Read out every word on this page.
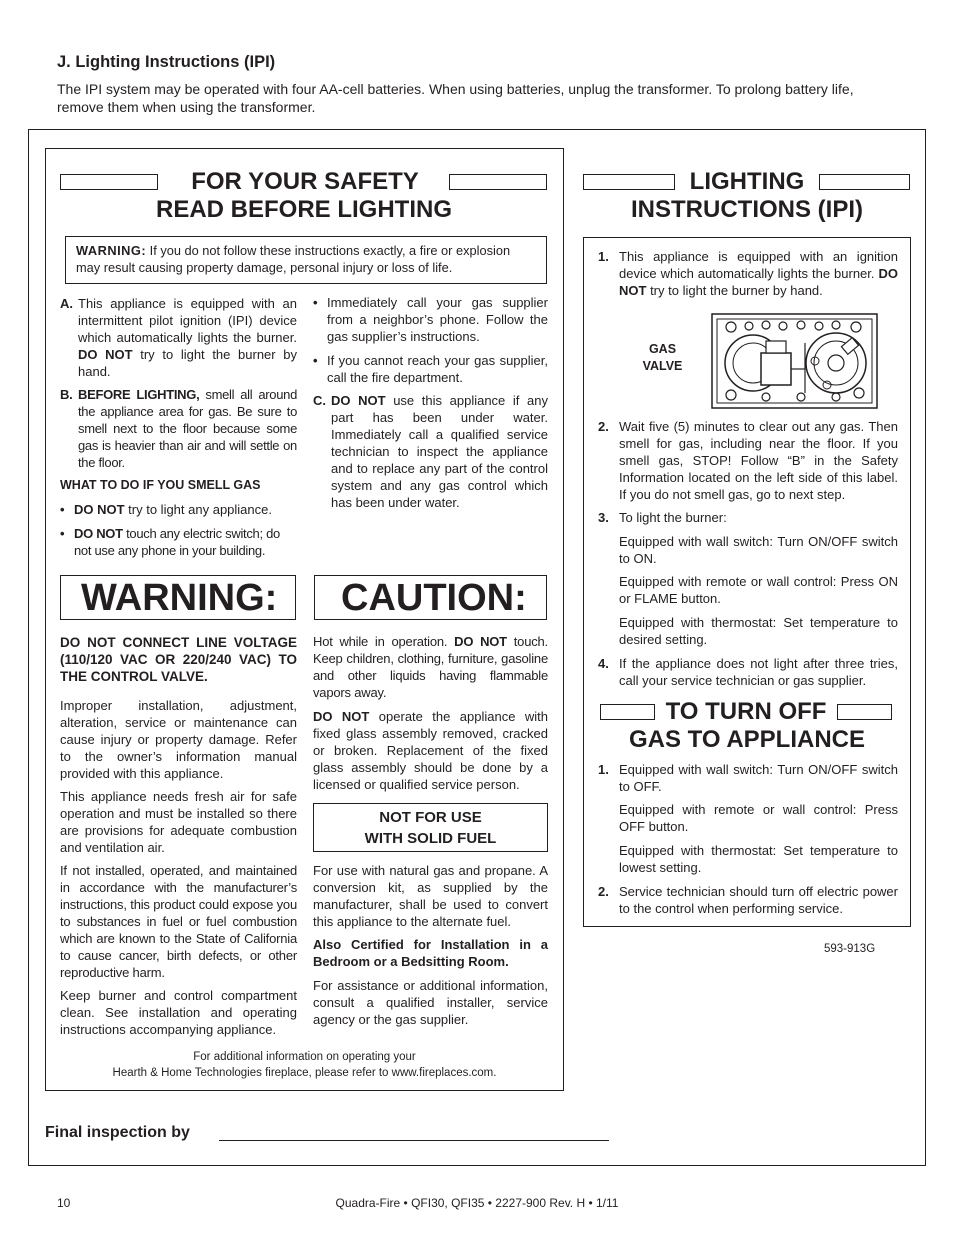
J. Lighting Instructions (IPI)
The IPI system may be operated with four AA-cell batteries. When using batteries, unplug the transformer. To prolong battery life, remove them when using the transformer.
FOR YOUR SAFETY
READ BEFORE LIGHTING
WARNING: If you do not follow these instructions exactly, a fire or explosion may result causing property damage, personal injury or loss of life.
A. This appliance is equipped with an intermittent pilot ignition (IPI) device which automatically lights the burner. DO NOT try to light the burner by hand.
B. BEFORE LIGHTING, smell all around the appliance area for gas. Be sure to smell next to the floor because some gas is heavier than air and will settle on the floor.
WHAT TO DO IF YOU SMELL GAS
• DO NOT try to light any appliance.
• DO NOT touch any electric switch; do not use any phone in your building.
• Immediately call your gas supplier from a neighbor’s phone. Follow the gas supplier’s instructions.
• If you cannot reach your gas supplier, call the fire department.
C. DO NOT use this appliance if any part has been under water. Immediately call a qualified service technician to inspect the appliance and to replace any part of the control system and any gas control which has been under water.
WARNING:	CAUTION:
DO NOT CONNECT LINE VOLTAGE (110/120 VAC OR 220/240 VAC) TO THE CONTROL VALVE.
Improper installation, adjustment, alteration, service or maintenance can cause injury or property damage. Refer to the owner’s information manual provided with this appliance.
This appliance needs fresh air for safe operation and must be installed so there are provisions for adequate combustion and ventilation air.
If not installed, operated, and maintained in accordance with the manufacturer’s instructions, this product could expose you to substances in fuel or fuel combustion which are known to the State of California to cause cancer, birth defects, or other reproductive harm.
Keep burner and control compartment clean. See installation and operating instructions accompanying appliance.
Hot while in operation. DO NOT touch. Keep children, clothing, furniture, gasoline and other liquids having flammable vapors away.
DO NOT operate the appliance with fixed glass assembly removed, cracked or broken. Replacement of the fixed glass assembly should be done by a licensed or qualified service person.
NOT FOR USE
WITH SOLID FUEL
For use with natural gas and propane. A conversion kit, as supplied by the manufacturer, shall be used to convert this appliance to the alternate fuel.
Also Certified for Installation in a Bedroom or a Bedsitting Room.
For assistance or additional information, consult a qualified installer, service agency or the gas supplier.
For additional information on operating your
Hearth & Home Technologies fireplace, please refer to www.fireplaces.com.
LIGHTING
INSTRUCTIONS (IPI)
1. This appliance is equipped with an ignition device which automatically lights the burner. DO NOT try to light the burner by hand.
GAS
VALVE
2. Wait five (5) minutes to clear out any gas. Then smell for gas, including near the floor. If you smell gas, STOP! Follow “B” in the Safety Information located on the left side of this label. If you do not smell gas, go to next step.
3. To light the burner:
Equipped with wall switch: Turn ON/OFF switch to ON.
Equipped with remote or wall control: Press ON or FLAME button.
Equipped with thermostat: Set temperature to desired setting.
4. If the appliance does not light after three tries, call your service technician or gas supplier.
TO TURN OFF
GAS TO APPLIANCE
1. Equipped with wall switch: Turn ON/OFF switch to OFF.
Equipped with remote or wall control: Press OFF button.
Equipped with thermostat: Set temperature to lowest setting.
2. Service technician should turn off electric power to the control when performing service.
593-913G
Final inspection by
10	Quadra-Fire • QFI30, QFI35 • 2227-900 Rev. H • 1/11
